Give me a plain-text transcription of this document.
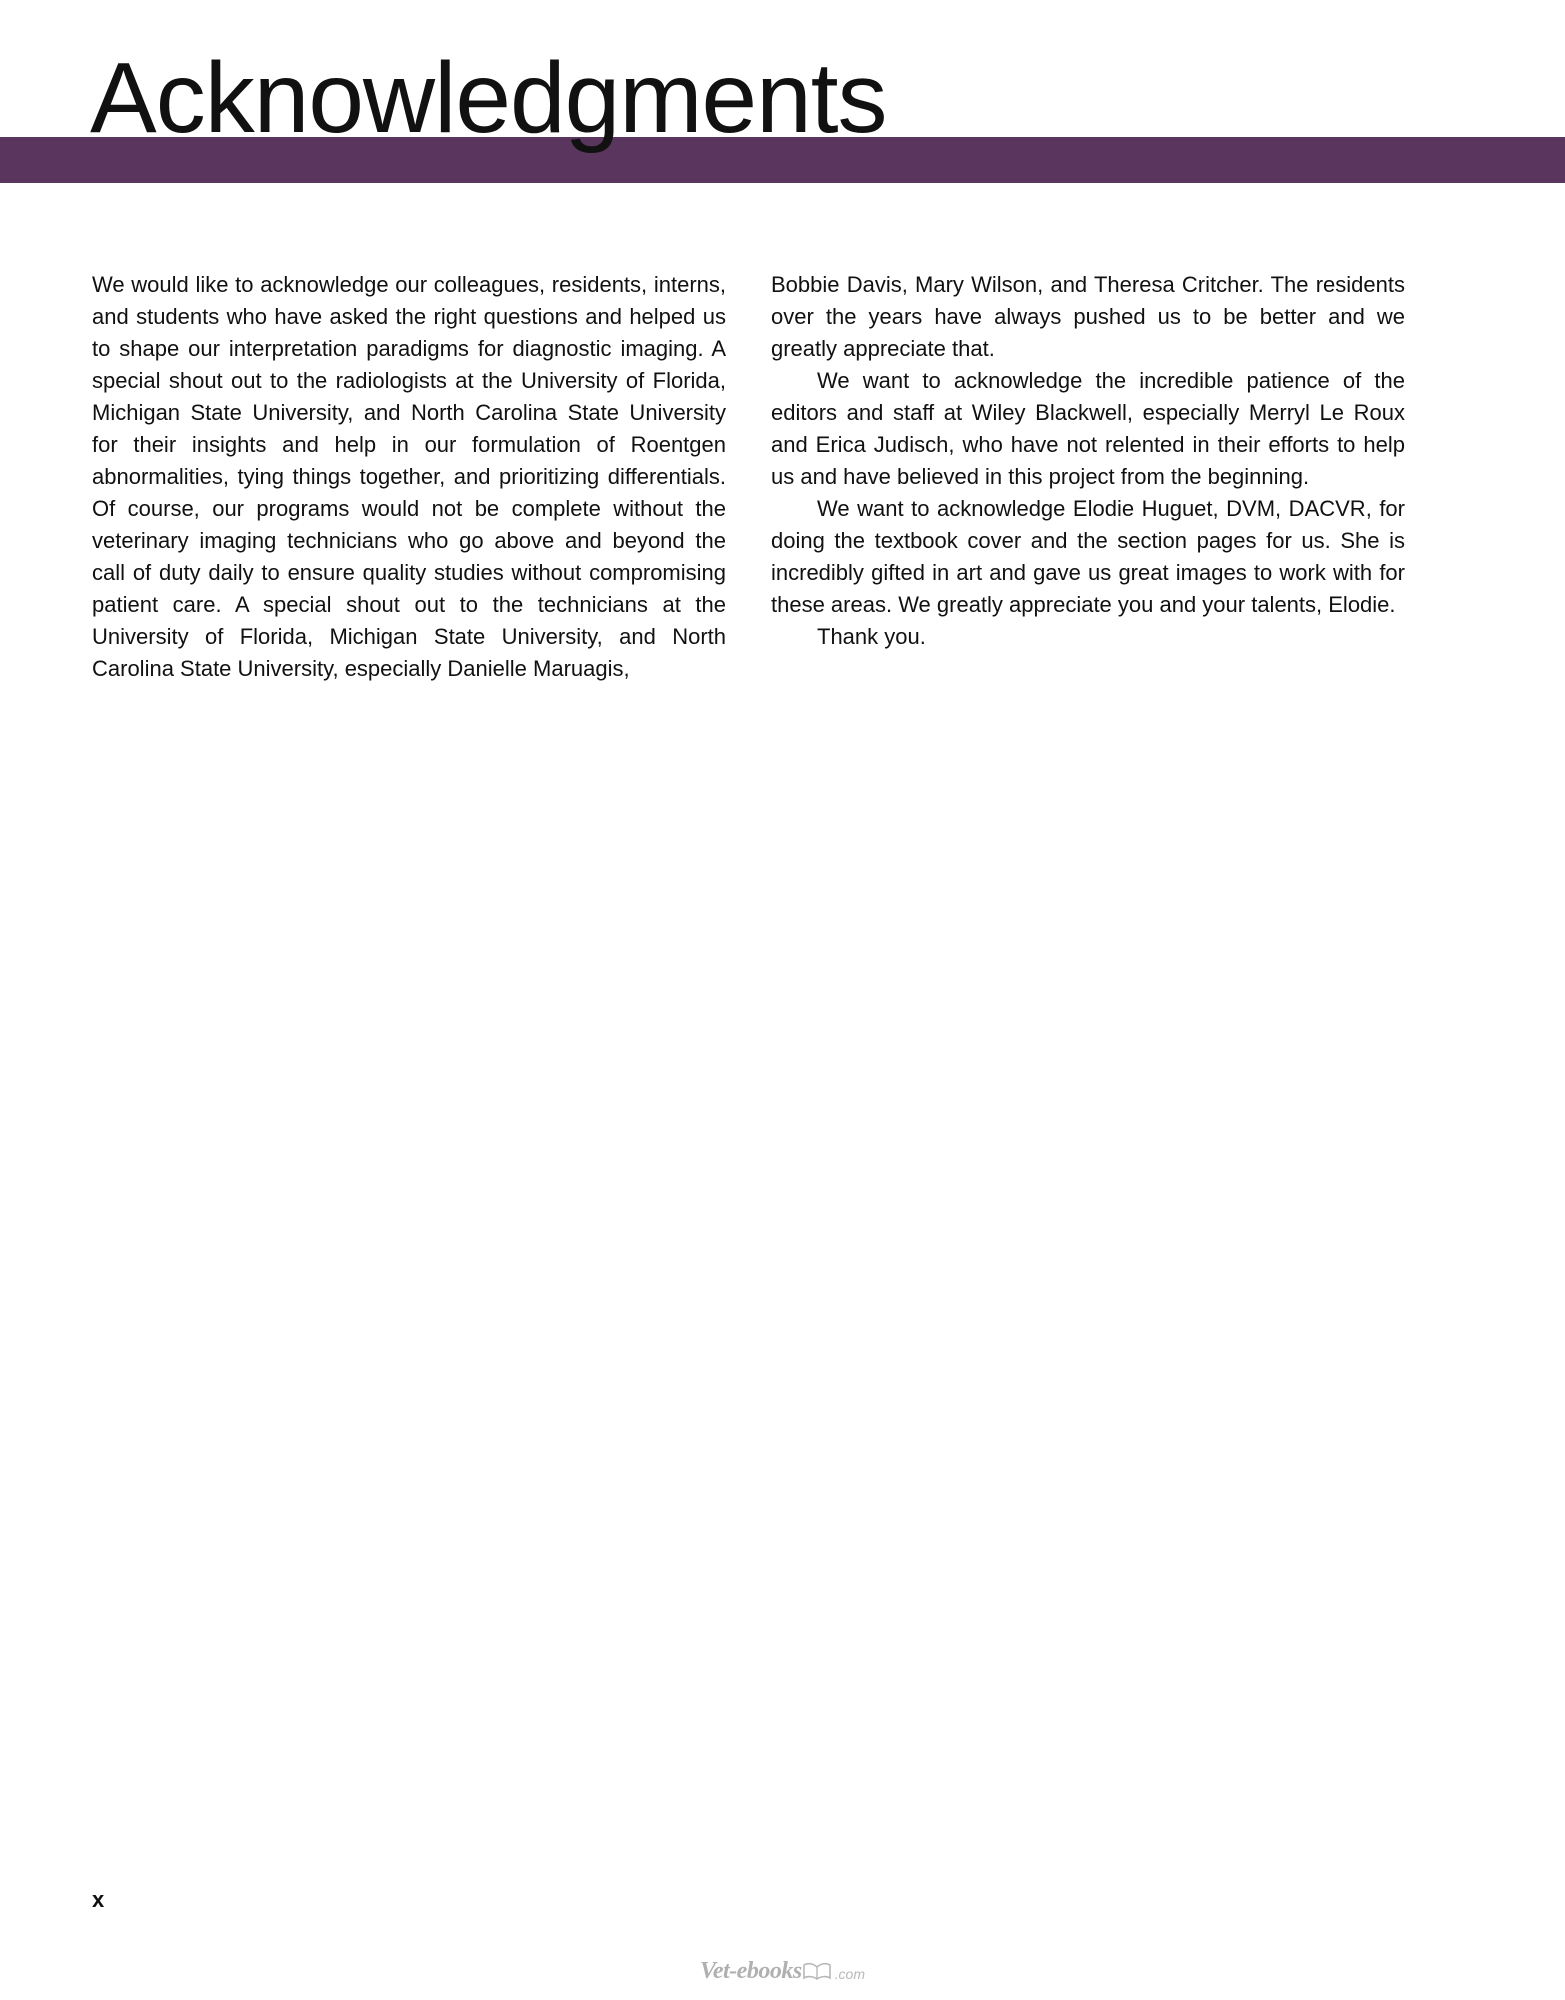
Acknowledgments

We would like to acknowledge our colleagues, residents, interns, and students who have asked the right questions and helped us to shape our interpretation paradigms for diagnostic imaging. A special shout out to the radiologists at the University of Florida, Michigan State University, and North Carolina State University for their insights and help in our formulation of Roentgen abnormalities, tying things together, and prioritizing differentials. Of course, our programs would not be complete without the veterinary imaging technicians who go above and beyond the call of duty daily to ensure quality studies without compromising patient care. A special shout out to the technicians at the University of Florida, Michigan State University, and North Carolina State University, especially Danielle Maruagis,

Bobbie Davis, Mary Wilson, and Theresa Critcher. The residents over the years have always pushed us to be better and we greatly appreciate that.

We want to acknowledge the incredible patience of the editors and staff at Wiley Blackwell, especially Merryl Le Roux and Erica Judisch, who have not relented in their efforts to help us and have believed in this project from the beginning.

We want to acknowledge Elodie Huguet, DVM, DACVR, for doing the textbook cover and the section pages for us. She is incredibly gifted in art and gave us great images to work with for these areas. We greatly appreciate you and your talents, Elodie.

Thank you.

x
Vet-ebooks .com
